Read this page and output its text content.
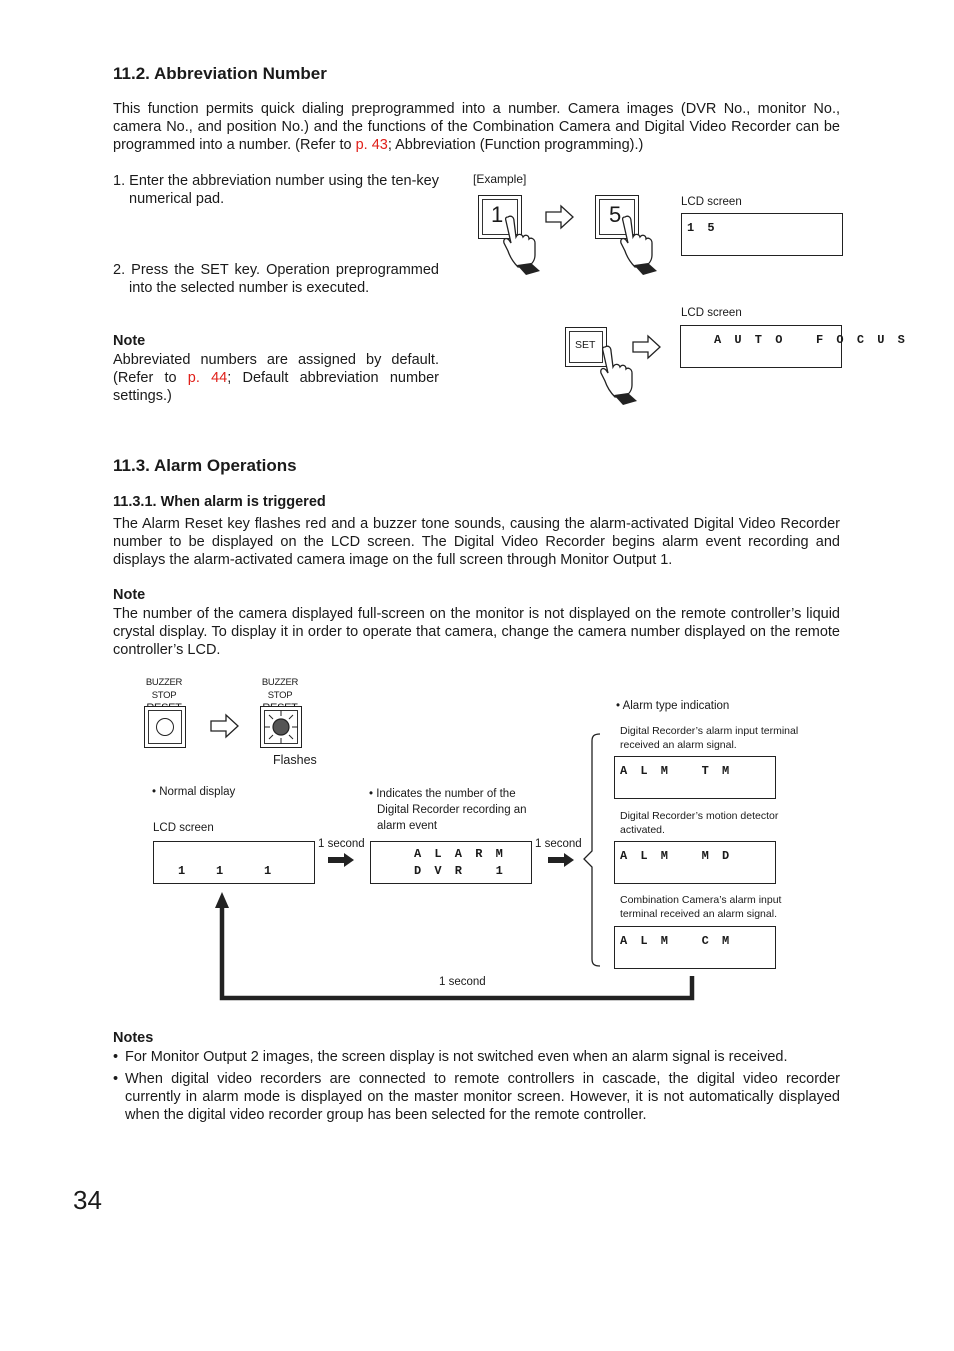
11.2. Abbreviation Number
This function permits quick dialing preprogrammed into a number. Camera images (DVR No., monitor No., camera No., and position No.) and the functions of the Combination Camera and Digital Video Recorder can be programmed into a number. (Refer to p. 43; Abbreviation (Function programming).)
1. Enter the abbreviation number using the ten-key numerical pad.
2. Press the SET key. Operation preprogrammed into the selected number is executed.
Note
Abbreviated numbers are assigned by default. (Refer to p. 44; Default abbreviation number settings.)
[Example]
1	5	LCD screen
1 5
SET
LCD screen
A U T O   F O C U S
11.3. Alarm Operations
11.3.1. When alarm is triggered
The Alarm Reset key flashes red and a buzzer tone sounds, causing the alarm-activated Digital Video Recorder number to be displayed on the LCD screen. The Digital Video Recorder begins alarm event recording and displays the alarm-activated camera image on the full screen through Monitor Output 1.
Note
The number of the camera displayed full-screen on the monitor is not displayed on the remote controller’s liquid crystal display. To display it in order to operate that camera, change the camera number displayed on the remote controller’s LCD.
BUZZER STOP
BUZZER STOP
Flashes
• Normal display
LCD screen
1 1	1
1 second
• Indicates the number of the Digital Recorder recording an alarm event
A L A R M
D V R   1
1 second
• Alarm type indication
Digital Recorder’s alarm input terminal received an alarm signal.
A L M   T M
Digital Recorder’s motion detector activated.
A L M   M D
Combination Camera’s alarm input terminal received an alarm signal.
A L M   C M
1 second
Notes
• For Monitor Output 2 images, the screen display is not switched even when an alarm signal is received.
• When digital video recorders are connected to remote controllers in cascade, the digital video recorder currently in alarm mode is displayed on the master monitor screen. However, it is not automatically displayed when the digital video recorder group has been selected for the remote controller.
34
